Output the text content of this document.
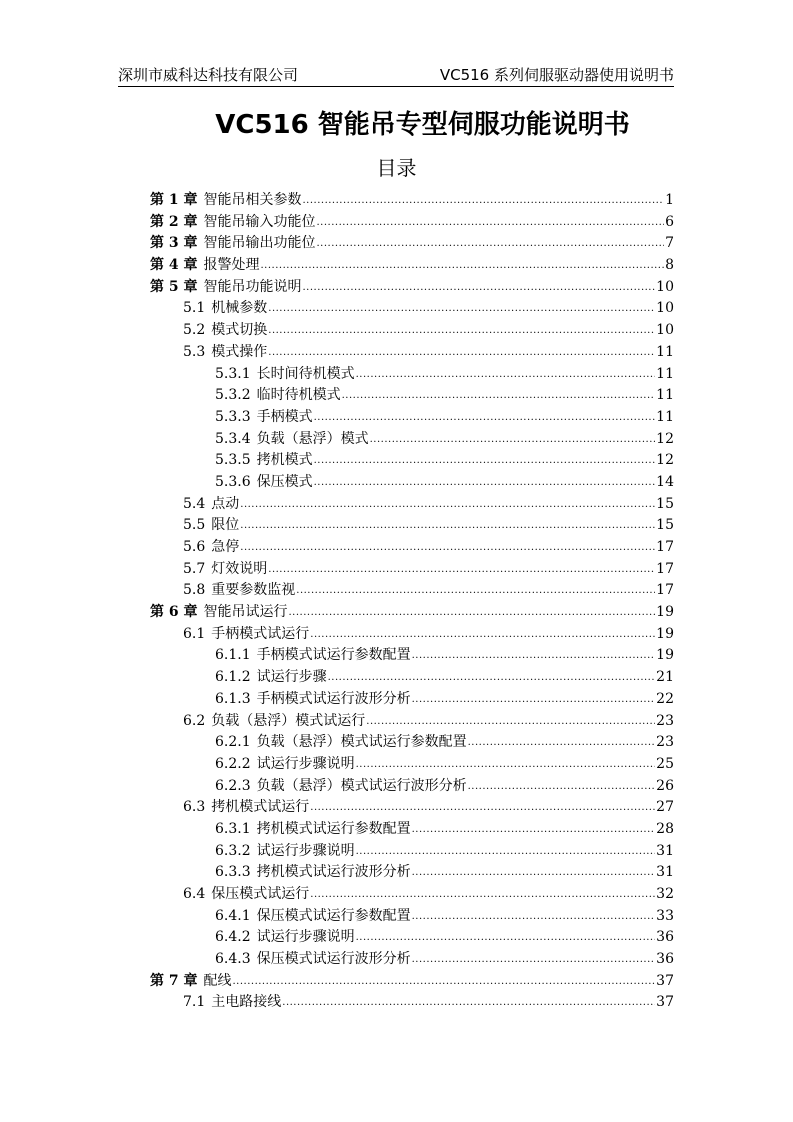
深圳市威科达科技有限公司	VC516 系列伺服驱动器使用说明书
VC516 智能吊专型伺服功能说明书
目录
第 1 章 智能吊相关参数 .....	1
第 2 章 智能吊输入功能位 .....	6
第 3 章 智能吊输出功能位 .....	7
第 4 章 报警处理 .....	8
第 5 章 智能吊功能说明 .....	10
5.1 机械参数 .....	10
5.2 模式切换 .....	10
5.3 模式操作 .....	11
5.3.1 长时间待机模式 .....	11
5.3.2 临时待机模式 .....	11
5.3.3 手柄模式 .....	11
5.3.4 负载（悬浮）模式 .....	12
5.3.5 拷机模式 .....	12
5.3.6 保压模式 .....	14
5.4 点动 .....	15
5.5 限位 .....	15
5.6 急停 .....	17
5.7 灯效说明 .....	17
5.8 重要参数监视 .....	17
第 6 章 智能吊试运行 .....	19
6.1 手柄模式试运行 .....	19
6.1.1 手柄模式试运行参数配置 .....	19
6.1.2 试运行步骤 .....	21
6.1.3 手柄模式试运行波形分析 .....	22
6.2 负载（悬浮）模式试运行 .....	23
6.2.1 负载（悬浮）模式试运行参数配置 .....	23
6.2.2 试运行步骤说明 .....	25
6.2.3 负载（悬浮）模式试运行波形分析 .....	26
6.3 拷机模式试运行 .....	27
6.3.1 拷机模式试运行参数配置 .....	28
6.3.2 试运行步骤说明 .....	31
6.3.3 拷机模式试运行波形分析 .....	31
6.4 保压模式试运行 .....	32
6.4.1 保压模式试运行参数配置 .....	33
6.4.2 试运行步骤说明 .....	36
6.4.3 保压模式试运行波形分析 .....	36
第 7 章 配线 .....	37
7.1 主电路接线 .....	37
